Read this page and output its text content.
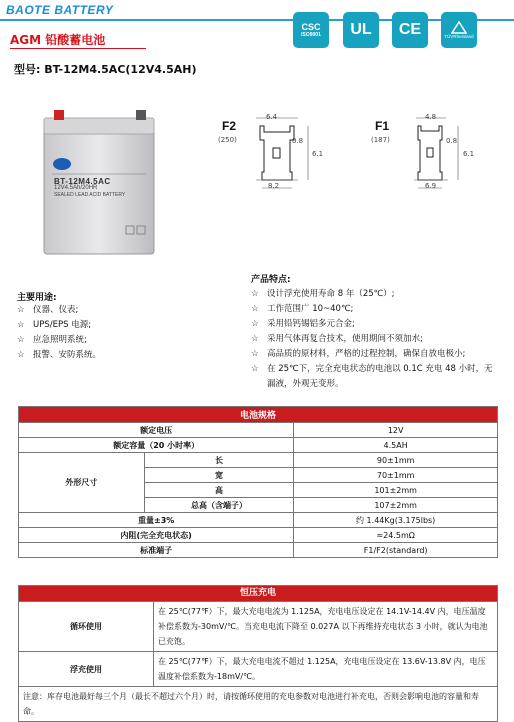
BAOTE BATTERY
CSC
ISO9001 UL CE	TÜVRheinland
AGM 铅酸蓄电池
型号: BT-12M4.5AC(12V4.5AH)
BT-12M4.5AC
12V4.5Ah/20HR
SEALED LEAD ACID BATTERY
F2
(250)
6.4
0.8
8.2
6.1
F1
(187)
4.8
0.8
6.9
6.1
主要用途:
☆ 仪器、仪表;
☆ UPS/EPS 电源;
☆ 应急照明系统;
☆ 报警、安防系统。
产品特点:
☆ 设计浮充使用寿命 8 年（25℃）;
☆ 工作范围广 10~40℃;
☆ 采用铅钙锡铝多元合金;
☆ 采用气体再复合技术，使用期间不须加水;
☆ 高品质的原材料，严格的过程控制，确保自放电极小;
☆ 在 25℃下，完全充电状态的电池以 0.1C 充电 48 小时，无漏液，外观无变形。
电池规格		
额定电压		12V
额定容量（20 小时率）		4.5AH
外形尺寸	长	90±1mm
	宽	70±1mm
	高	101±2mm
	总高（含端子）	107±2mm
重量±3%		约 1.44Kg(3.175lbs)
内阻(完全充电状态)		≈24.5mΩ
标准端子		F1/F2(standard)
恒压充电	
循环使用	在 25℃(77℉）下，最大充电电流为 1.125A，充电电压设定在 14.1V-14.4V 内，电压温度补偿系数为-30mV/℃。当充电电流下降至 0.027A 以下再维持充电状态 3 小时，就认为电池已充饱。
浮充使用	在 25℃(77℉）下，最大充电电流不超过 1.125A，充电电压设定在 13.6V-13.8V 内，电压温度补偿系数为-18mV/℃。
注意：库存电池最好每三个月（最长不超过六个月）时，请按循环使用的充电参数对电池进行补充电，否则会影响电池的容量和寿命。	
